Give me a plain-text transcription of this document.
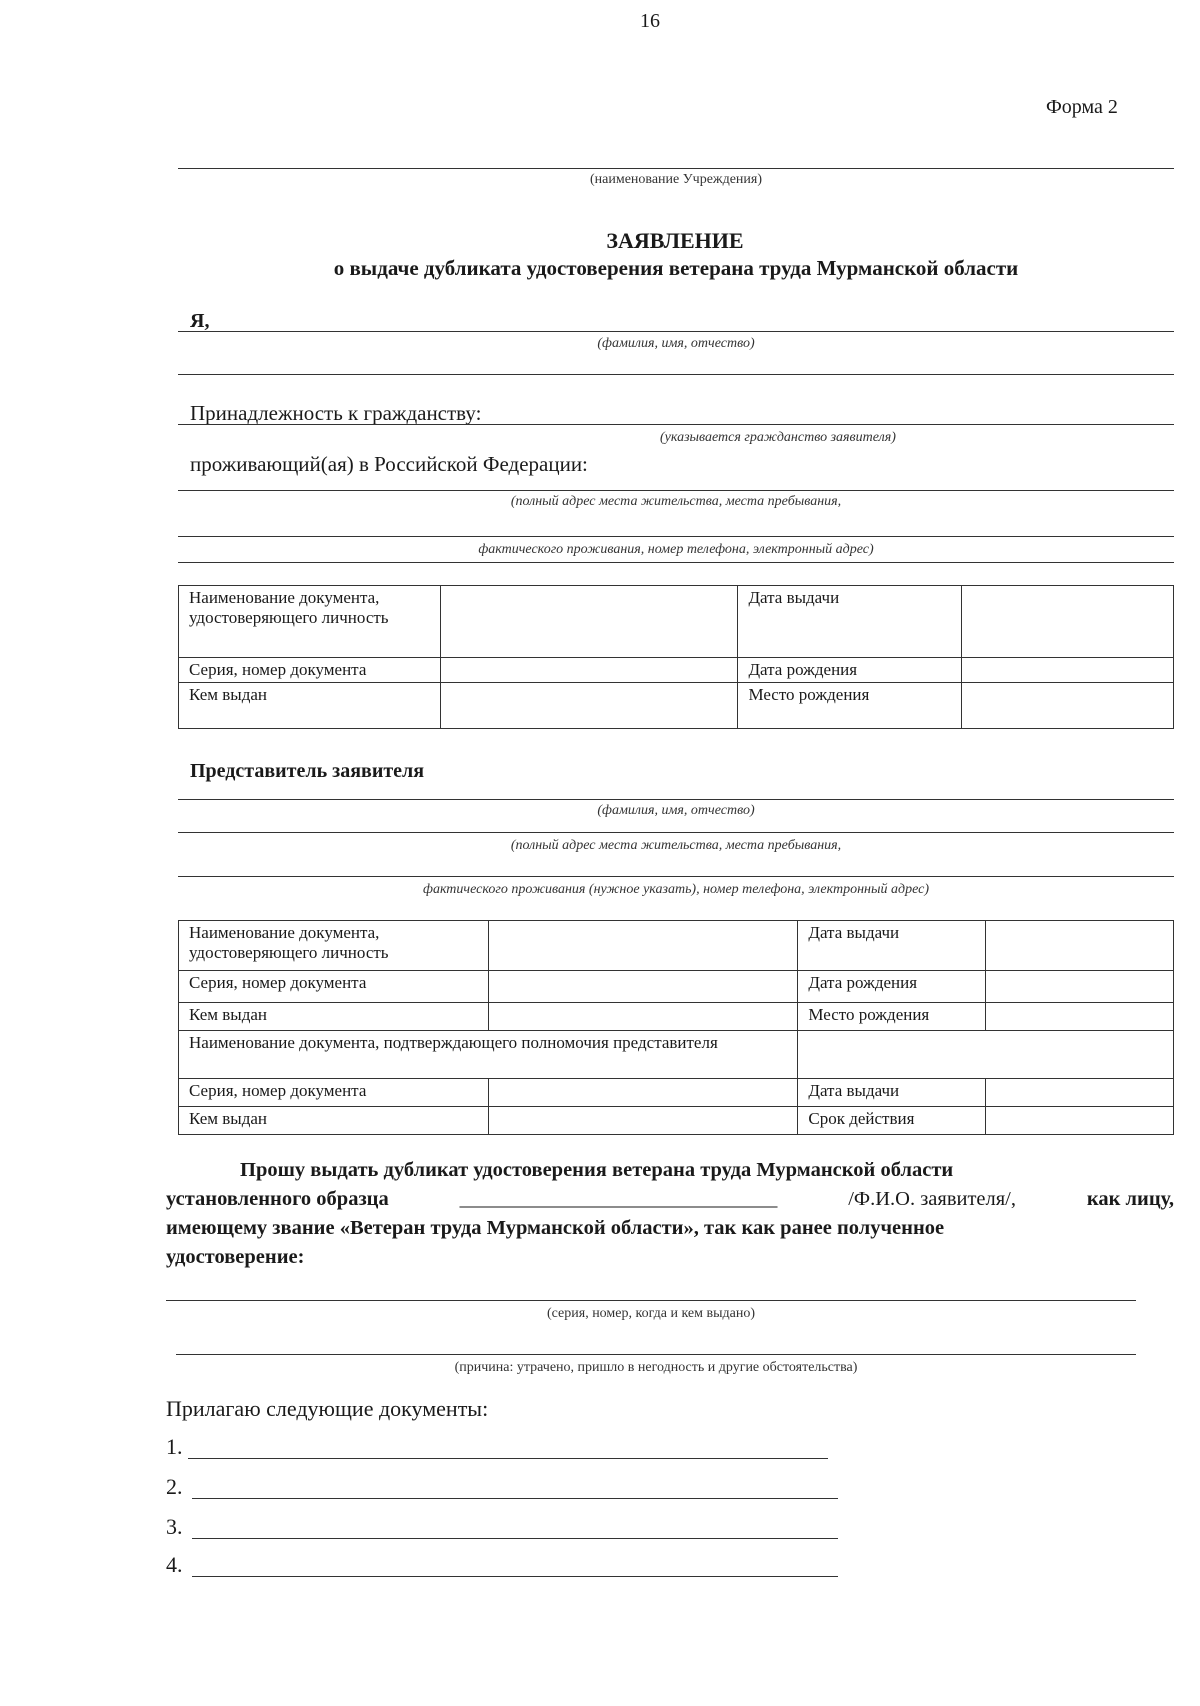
16
Форма 2
(наименование Учреждения)
ЗАЯВЛЕНИЕ
о выдаче дубликата удостоверения ветерана труда Мурманской области
Я,
(фамилия, имя, отчество)
Принадлежность к гражданству:
(указывается гражданство заявителя)
проживающий(ая) в Российской Федерации:
(полный адрес места жительства, места пребывания,
фактического проживания, номер телефона, электронный адрес)
Наименование документа, удостоверяющего личность		Дата выдачи	
Серия, номер документа		Дата рождения	
Кем выдан		Место рождения	
Представитель заявителя
(фамилия, имя, отчество)
(полный адрес места жительства, места пребывания,
фактического проживания (нужное указать), номер телефона, электронный адрес)
Наименование документа, удостоверяющего личность		Дата выдачи	
Серия, номер документа		Дата рождения	
Кем выдан		Место рождения	
Наименование документа, подтверждающего полномочия представителя			
Серия, номер документа		Дата выдачи	
Кем выдан		Срок действия	
Прошу выдать дубликат удостоверения ветерана труда Мурманской области
установленного образца	_______________________________	/Ф.И.О. заявителя/,	как лицу,
имеющему звание «Ветеран труда Мурманской области», так как ранее полученное
удостоверение:
(серия, номер, когда и кем выдано)
(причина: утрачено, пришло в негодность и другие обстоятельства)
Прилагаю следующие документы:
1.
2.
3.
4.
